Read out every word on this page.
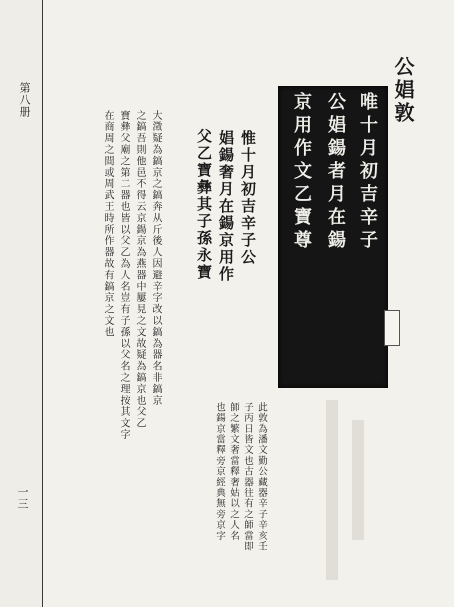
第八册
一三
公娼敦
唯十月初吉辛子
公娼鍚者月在鍚
京用作文乙寶尊
惟十月初吉辛子公
娼鍚奢月在鍚京用作
父乙寶彝其子孫永寶
此敦為潘文勤公藏器辛子辛亥壬
子丙日皆文也古器往有之師當即
師之繁文奢當釋奢姑以之人名
也鍚京當釋旁京經典無旁京字
大澂疑為鎬京之鎬奔从斤後人因避辛字改以鎬為器名非鎬京
之鎬吾則他邑不得云京鍚京為燕器中屢見之文故疑為鎬京也父乙
寶彝父廟之第二器也皆以父乙為人名豈有子孫以父名之理按其文字
在商周之間或周武王時所作器故有鎬京之文也
